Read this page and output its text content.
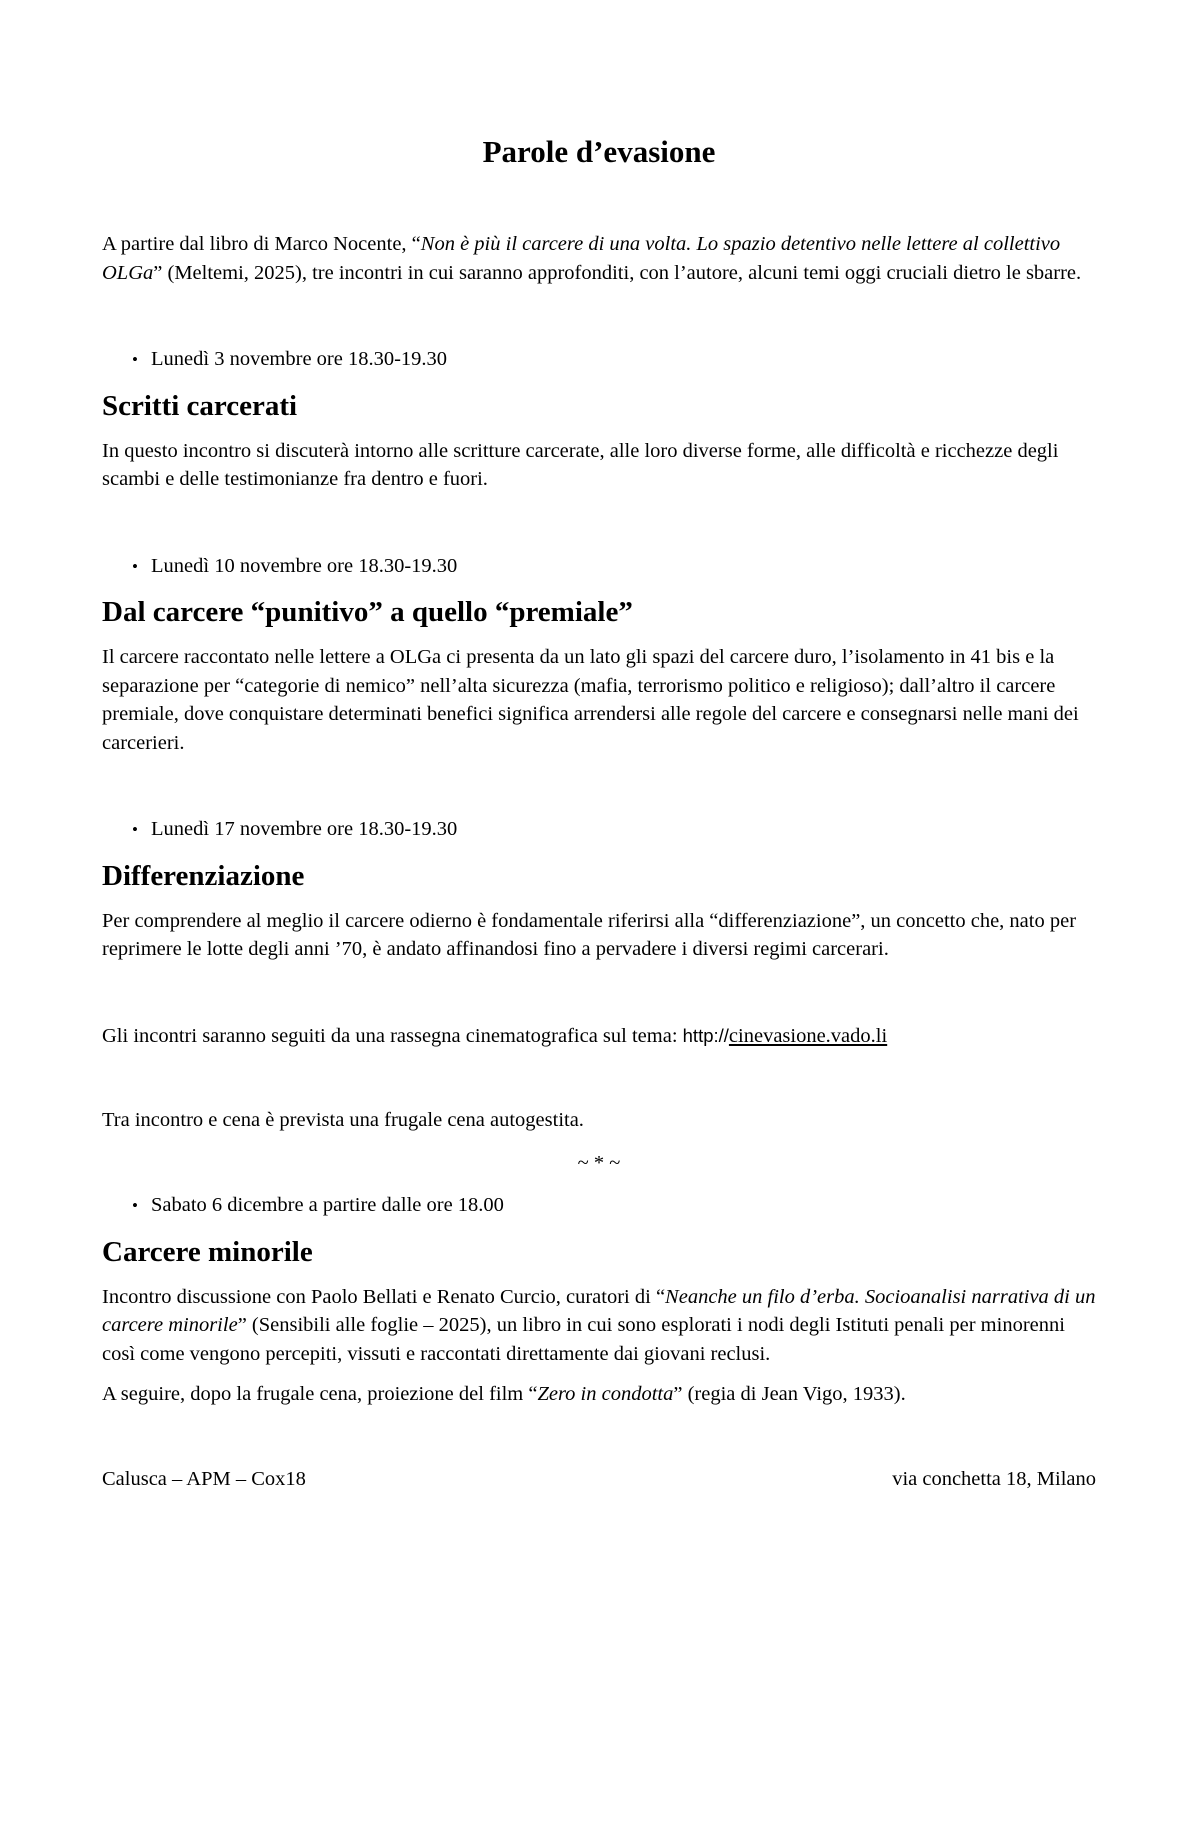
Parole d’evasione

A partire dal libro di Marco Nocente, “Non è più il carcere di una volta. Lo spazio detentivo nelle lettere al collettivo OLGa” (Meltemi, 2025), tre incontri in cui saranno approfonditi, con l’autore, alcuni temi oggi cruciali dietro le sbarre.

• Lunedì 3 novembre ore 18.30-19.30
Scritti carcerati

In questo incontro si discuterà intorno alle scritture carcerate, alle loro diverse forme, alle difficoltà e ricchezze degli scambi e delle testimonianze fra dentro e fuori.

• Lunedì 10 novembre ore 18.30-19.30
Dal carcere “punitivo” a quello “premiale”

Il carcere raccontato nelle lettere a OLGa ci presenta da un lato gli spazi del carcere duro, l’isolamento in 41 bis e la separazione per “categorie di nemico” nell’alta sicurezza (mafia, terrorismo politico e religioso); dall’altro il carcere premiale, dove conquistare determinati benefici significa arrendersi alle regole del carcere e consegnarsi nelle mani dei carcerieri.

• Lunedì 17 novembre ore 18.30-19.30
Differenziazione

Per comprendere al meglio il carcere odierno è fondamentale riferirsi alla “differenziazione”, un concetto che, nato per reprimere le lotte degli anni ’70, è andato affinandosi fino a pervadere i diversi regimi carcerari.

Gli incontri saranno seguiti da una rassegna cinematografica sul tema: http://cinevasione.vado.li

Tra incontro e cena è prevista una frugale cena autogestita.

~ * ~

• Sabato 6 dicembre a partire dalle ore 18.00
Carcere minorile

Incontro discussione con Paolo Bellati e Renato Curcio, curatori di “Neanche un filo d’erba. Socioanalisi narrativa di un carcere minorile” (Sensibili alle foglie – 2025), un libro in cui sono esplorati i nodi degli Istituti penali per minorenni così come vengono percepiti, vissuti e raccontati direttamente dai giovani reclusi.

A seguire, dopo la frugale cena, proiezione del film “Zero in condotta” (regia di Jean Vigo, 1933).

Calusca – APM – Cox18	via conchetta 18, Milano
